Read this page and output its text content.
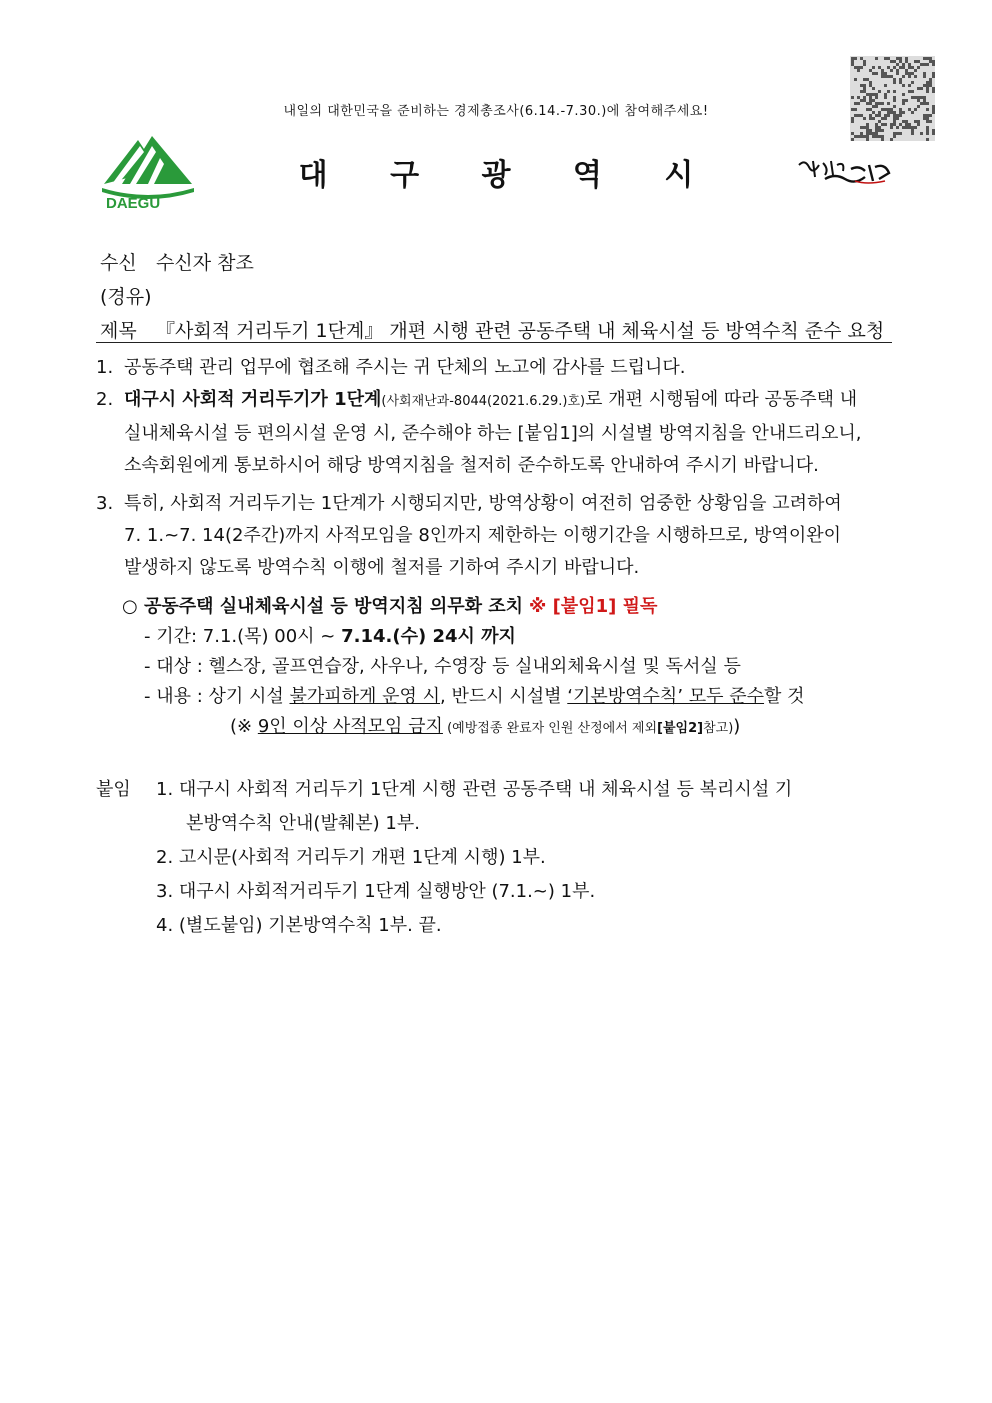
내일의 대한민국을 준비하는 경제총조사(6.14.-7.30.)에 참여해주세요!
DAEGU
대 구 광 역 시
수신 수신자 참조
(경유)
제목 『사회적 거리두기 1단계』 개편 시행 관련 공동주택 내 체육시설 등 방역수칙 준수 요청
1. 공동주택 관리 업무에 협조해 주시는 귀 단체의 노고에 감사를 드립니다.
2. 대구시 사회적 거리두기가 1단계(사회재난과-8044(2021.6.29.)호)로 개편 시행됨에 따라 공동주택 내
실내체육시설 등 편의시설 운영 시, 준수해야 하는 [붙임1]의 시설별 방역지침을 안내드리오니,
소속회원에게 통보하시어 해당 방역지침을 철저히 준수하도록 안내하여 주시기 바랍니다.
3. 특히, 사회적 거리두기는 1단계가 시행되지만, 방역상황이 여전히 엄중한 상황임을 고려하여
7. 1.~7. 14(2주간)까지 사적모임을 8인까지 제한하는 이행기간을 시행하므로, 방역이완이
발생하지 않도록 방역수칙 이행에 철저를 기하여 주시기 바랍니다.
○ 공동주택 실내체육시설 등 방역지침 의무화 조치 ※ [붙임1] 필독
- 기간: 7.1.(목) 00시 ~ 7.14.(수) 24시 까지
- 대상 : 헬스장, 골프연습장, 사우나, 수영장 등 실내외체육시설 및 독서실 등
- 내용 : 상기 시설 불가피하게 운영 시, 반드시 시설별 ‘기본방역수칙’ 모두 준수할 것
(※ 9인 이상 사적모임 금지 (예방접종 완료자 인원 산정에서 제외[붙임2]참고))
붙임 1. 대구시 사회적 거리두기 1단계 시행 관련 공동주택 내 체육시설 등 복리시설 기
본방역수칙 안내(발췌본) 1부.
2. 고시문(사회적 거리두기 개편 1단계 시행) 1부.
3. 대구시 사회적거리두기 1단계 실행방안 (7.1.~) 1부.
4. (별도붙임) 기본방역수칙 1부. 끝.
